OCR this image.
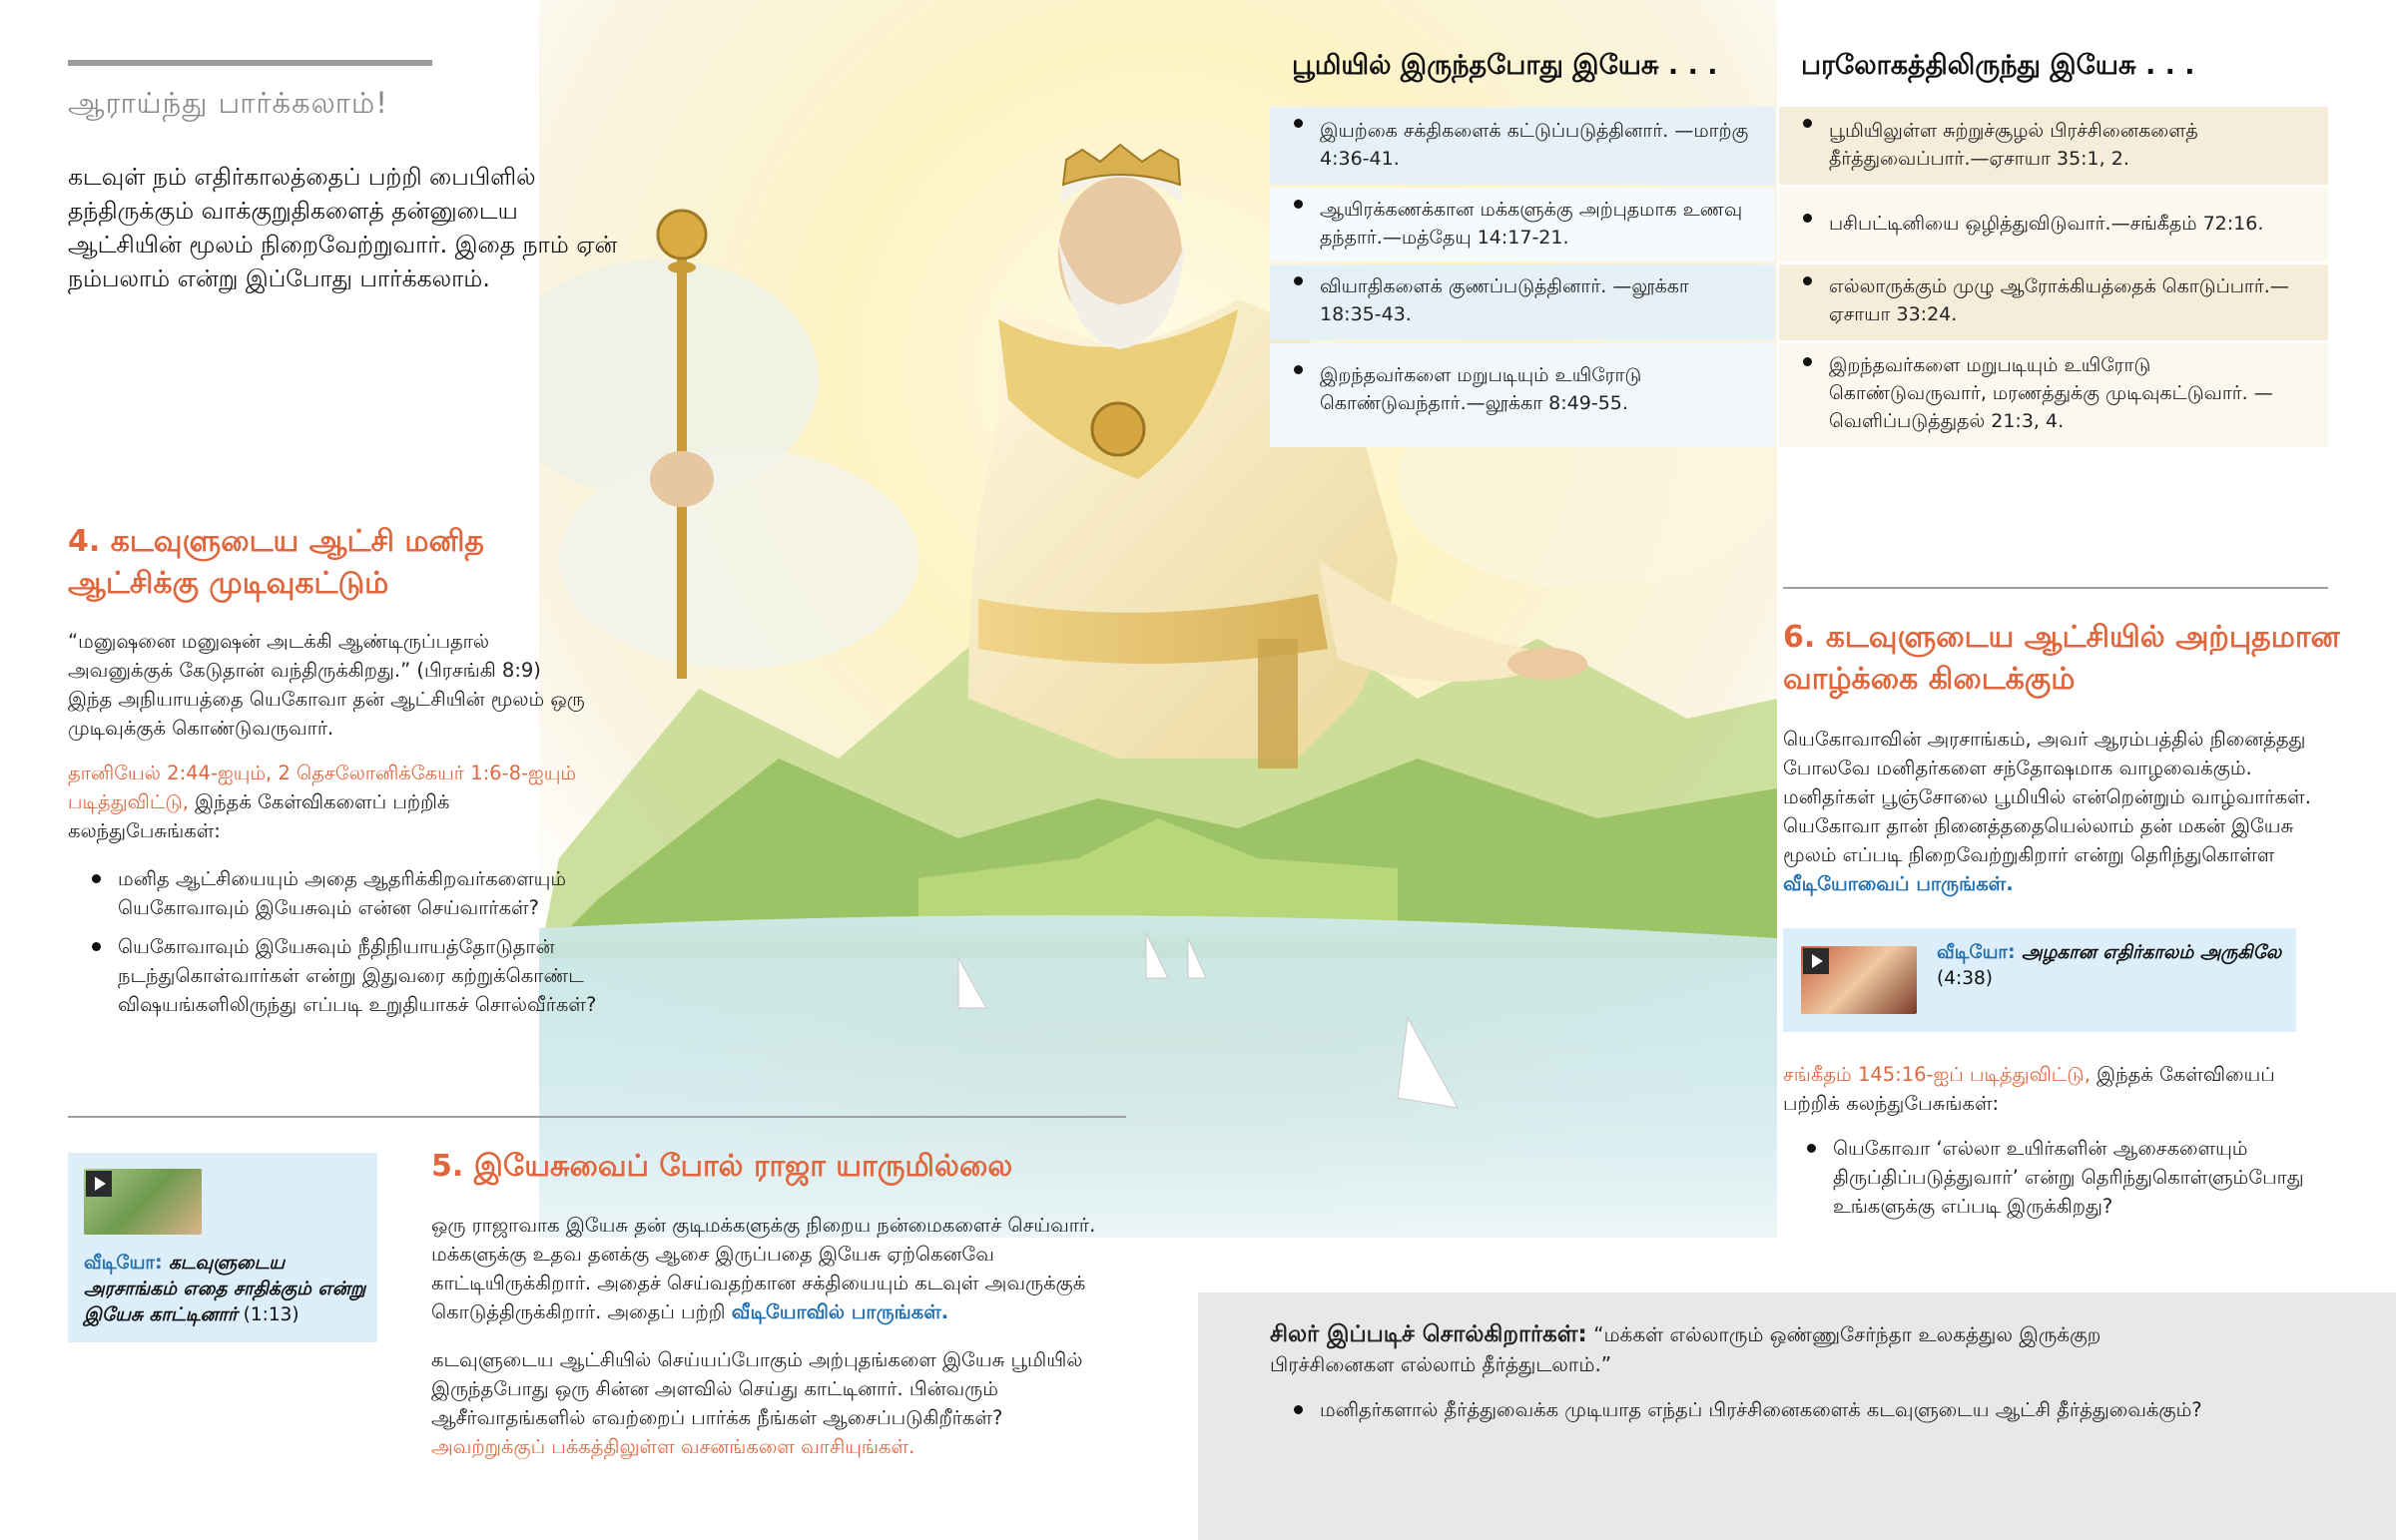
ஆராய்ந்து பார்க்கலாம்!
கடவுள் நம் எதிர்காலத்தைப் பற்றி பைபிளில் தந்திருக்கும் வாக்குறுதிகளைத் தன்னுடைய ஆட்சியின் மூலம் நிறைவேற்றுவார். இதை நாம் ஏன் நம்பலாம் என்று இப்போது பார்க்கலாம்.
4. கடவுளுடைய ஆட்சி மனித ஆட்சிக்கு முடிவுகட்டும்
“மனுஷனை மனுஷன் அடக்கி ஆண்டிருப்பதால் அவனுக்குக் கேடுதான் வந்திருக்கிறது.” (பிரசங்கி 8:9) இந்த அநியாயத்தை யெகோவா தன் ஆட்சியின் மூலம் ஒரு முடிவுக்குக் கொண்டுவருவார்.
தானியேல் 2:44-ஐயும், 2 தெசலோனிக்கேயர் 1:6-8-ஐயும் படித்துவிட்டு, இந்தக் கேள்விகளைப் பற்றிக் கலந்துபேசுங்கள்:
மனித ஆட்சியையும் அதை ஆதரிக்கிறவர்களையும் யெகோவாவும் இயேசுவும் என்ன செய்வார்கள்?
யெகோவாவும் இயேசுவும் நீதிநியாயத்தோடுதான் நடந்துகொள்வார்கள் என்று இதுவரை கற்றுக்கொண்ட விஷயங்களிலிருந்து எப்படி உறுதியாகச் சொல்வீர்கள்?
வீடியோ: கடவுளுடைய அரசாங்கம் எதை சாதிக்கும் என்று இயேசு காட்டினார் (1:13)
5. இயேசுவைப் போல் ராஜா யாருமில்லை
ஒரு ராஜாவாக இயேசு தன் குடிமக்களுக்கு நிறைய நன்மைகளைச் செய்வார். மக்களுக்கு உதவ தனக்கு ஆசை இருப்பதை இயேசு ஏற்கெனவே காட்டியிருக்கிறார். அதைச் செய்வதற்கான சக்தியையும் கடவுள் அவருக்குக் கொடுத்திருக்கிறார். அதைப் பற்றி வீடியோவில் பாருங்கள்.
கடவுளுடைய ஆட்சியில் செய்யப்போகும் அற்புதங்களை இயேசு பூமியில் இருந்தபோது ஒரு சின்ன அளவில் செய்து காட்டினார். பின்வரும் ஆசீர்வாதங்களில் எவற்றைப் பார்க்க நீங்கள் ஆசைப்படுகிறீர்கள்? அவற்றுக்குப் பக்கத்திலுள்ள வசனங்களை வாசியுங்கள்.
பூமியில் இருந்தபோது இயேசு . . .	பரலோகத்திலிருந்து இயேசு . . .
இயற்கை சக்திகளைக் கட்டுப்படுத்தினார். —மாற்கு 4:36-41.
ஆயிரக்கணக்கான மக்களுக்கு அற்புதமாக உணவு தந்தார்.—மத்தேயு 14:17-21.
வியாதிகளைக் குணப்படுத்தினார். —லூக்கா 18:35-43.
இறந்தவர்களை மறுபடியும் உயிரோடு கொண்டுவந்தார்.—லூக்கா 8:49-55.
பூமியிலுள்ள சுற்றுச்சூழல் பிரச்சினைகளைத் தீர்த்துவைப்பார்.—ஏசாயா 35:1, 2.
பசிபட்டினியை ஒழித்துவிடுவார்.—சங்கீதம் 72:16.
எல்லாருக்கும் முழு ஆரோக்கியத்தைக் கொடுப்பார்.—ஏசாயா 33:24.
இறந்தவர்களை மறுபடியும் உயிரோடு கொண்டுவருவார், மரணத்துக்கு முடிவுகட்டுவார். —வெளிப்படுத்துதல் 21:3, 4.
6. கடவுளுடைய ஆட்சியில் அற்புதமான வாழ்க்கை கிடைக்கும்
யெகோவாவின் அரசாங்கம், அவர் ஆரம்பத்தில் நினைத்தது போலவே மனிதர்களை சந்தோஷமாக வாழவைக்கும். மனிதர்கள் பூஞ்சோலை பூமியில் என்றென்றும் வாழ்வார்கள். யெகோவா தான் நினைத்ததையெல்லாம் தன் மகன் இயேசு மூலம் எப்படி நிறைவேற்றுகிறார் என்று தெரிந்துகொள்ள வீடியோவைப் பாருங்கள்.
வீடியோ: அழகான எதிர்காலம் அருகிலே (4:38)
சங்கீதம் 145:16-ஐப் படித்துவிட்டு, இந்தக் கேள்வியைப் பற்றிக் கலந்துபேசுங்கள்:
யெகோவா ‘எல்லா உயிர்களின் ஆசைகளையும் திருப்திப்படுத்துவார்’ என்று தெரிந்துகொள்ளும்போது உங்களுக்கு எப்படி இருக்கிறது?
சிலர் இப்படிச் சொல்கிறார்கள்: “மக்கள் எல்லாரும் ஒண்ணுசேர்ந்தா உலகத்துல இருக்குற பிரச்சினைகள எல்லாம் தீர்த்துடலாம்.”
மனிதர்களால் தீர்த்துவைக்க முடியாத எந்தப் பிரச்சினைகளைக் கடவுளுடைய ஆட்சி தீர்த்துவைக்கும்?
